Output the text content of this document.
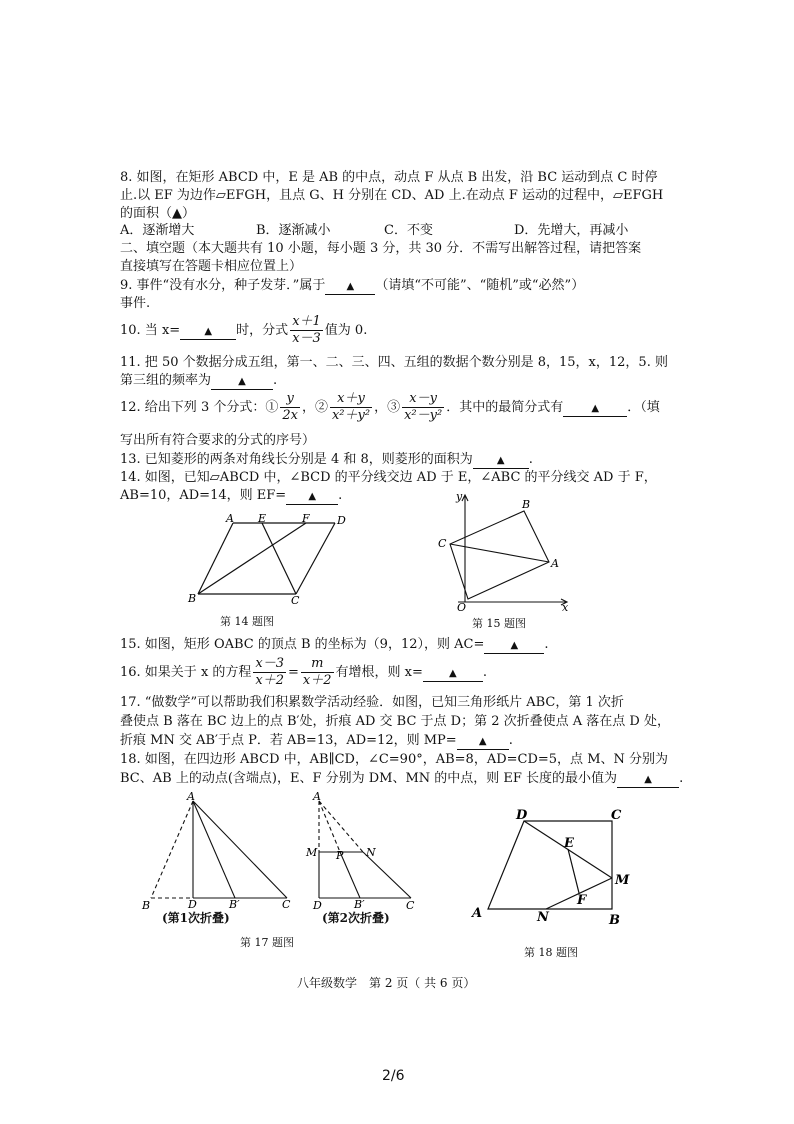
8. 如图，在矩形 ABCD 中，E 是 AB 的中点，动点 F 从点 B 出发，沿 BC 运动到点 C 时停
止.以 EF 为边作▱EFGH，且点 G、H 分别在 CD、AD 上.在动点 F 运动的过程中，▱EFGH
的面积（▲）
A．逐渐增大	B．逐渐减小	C．不变	D．先增大，再减小
二、填空题（本大题共有 10 小题，每小题 3 分，共 30 分．不需写出解答过程，请把答案
直接填写在答题卡相应位置上）
9. 事件“没有水分，种子发芽．”属于 ▲ （请填“不可能”、“随机”或“必然”）
事件.
10. 当 x= ▲ 时，分式 $\frac{x+1}{x-3}$ 值为 0.
11. 把 50 个数据分成五组，第一、二、三、四、五组的数据个数分别是 8，15，x，12，5. 则
第三组的频率为	▲ .
12. 给出下列 3 个分式：① $\frac{y}{2x}$ ，② $\frac{x+y}{\text{x²＋y²}}$ ，③ $\frac{x-y}{\text{x²－y²}}$ ．其中的最简分式有	▲ ．（填
写出所有符合要求的分式的序号）
13. 已知菱形的两条对角线长分别是 4 和 8，则菱形的面积为 ▲ .
14. 如图，已知▱ABCD 中，∠BCD 的平分线交边 AD 于 E，∠ABC 的平分线交 AD 于 F，
AB=10，AD=14，则 EF= ▲ .
A E	F D
B	C
第 14 题图
y
x
O
B
C
A
第 15 题图
15. 如图，矩形 OABC 的顶点 B 的坐标为（9，12），则 AC=	▲ .
16. 如果关于 x 的方程 $\frac{x-3}{x+2} = \frac{m}{x+2}$ 有增根，则 x=	▲ .
17. “做数学”可以帮助我们积累数学活动经验．如图，已知三角形纸片 ABC，第 1 次折
叠使点 B 落在 BC 边上的点 B′处，折痕 AD 交 BC 于点 D；第 2 次折叠使点 A 落在点 D 处，
折痕 MN 交 AB′于点 P．若 AB=13，AD=12，则 MP= ▲ .
18. 如图，在四边形 ABCD 中，AB∥CD，∠C=90°，AB=8，AD=CD=5，点 M、N 分别为
BC、AB 上的动点(含端点)，E、F 分别为 DM、MN 的中点，则 EF 长度的最小值为	▲ .
A
B	D	B′	C
(第1次折叠)
A
M P N
D	B′	C
(第2次折叠)
第 17 题图
D	C
E
M
F
A	N	B
第 18 题图
八年级数学　第 2 页（ 共 6 页）
2/6
